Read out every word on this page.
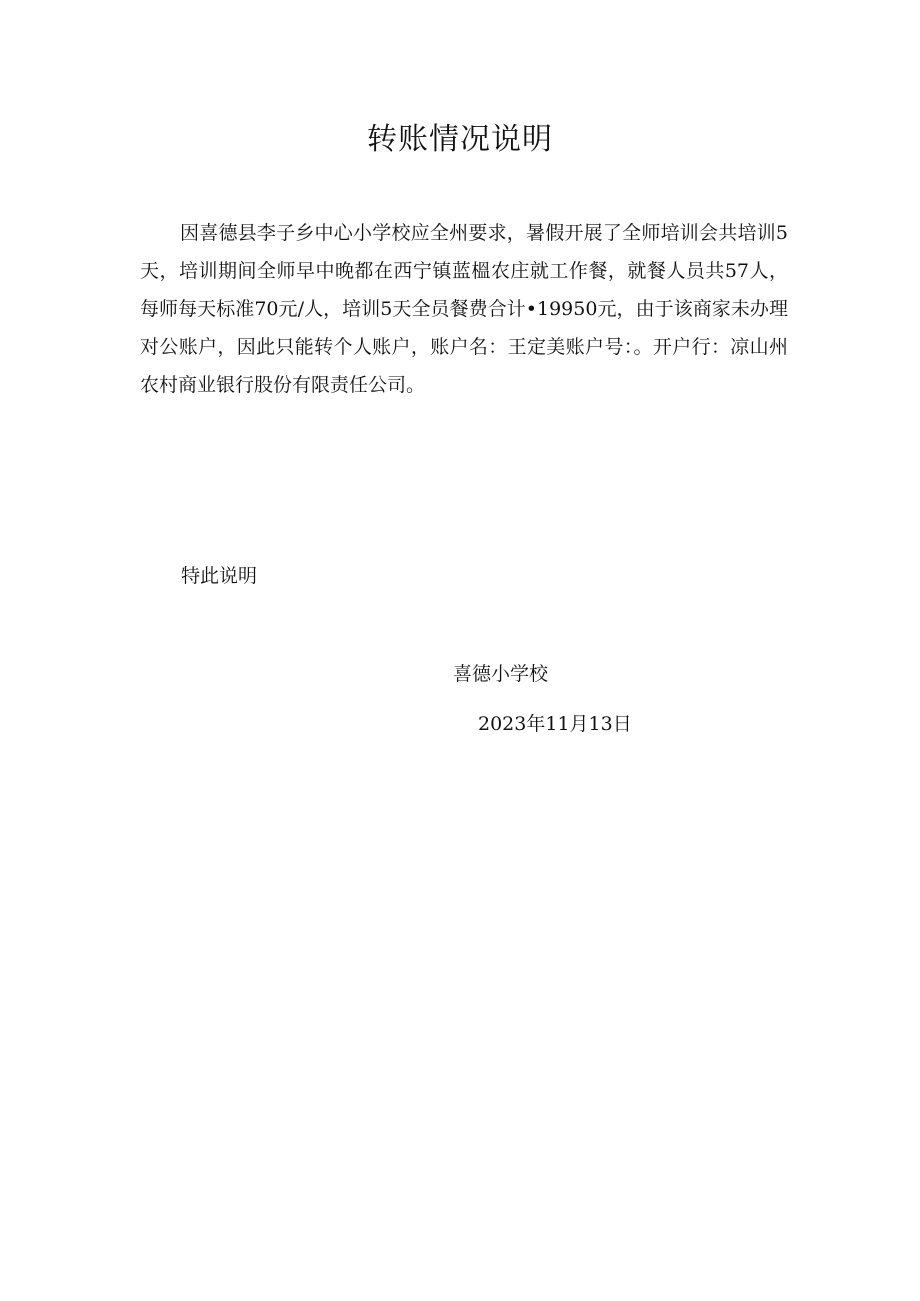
转账情况说明

因喜德县李子乡中心小学校应全州要求，暑假开展了全师培训会共培训5天，培训期间全师早中晚都在西宁镇蓝榲农庄就工作餐，就餐人员共57人，每师每天标准70元/人，培训5天全员餐费合计•19950元，由于该商家未办理对公账户，因此只能转个人账户，账户名：王定美账户号：。开户行：凉山州农村商业银行股份有限责任公司。

特此说明

喜德小学校

2023年11月13日
